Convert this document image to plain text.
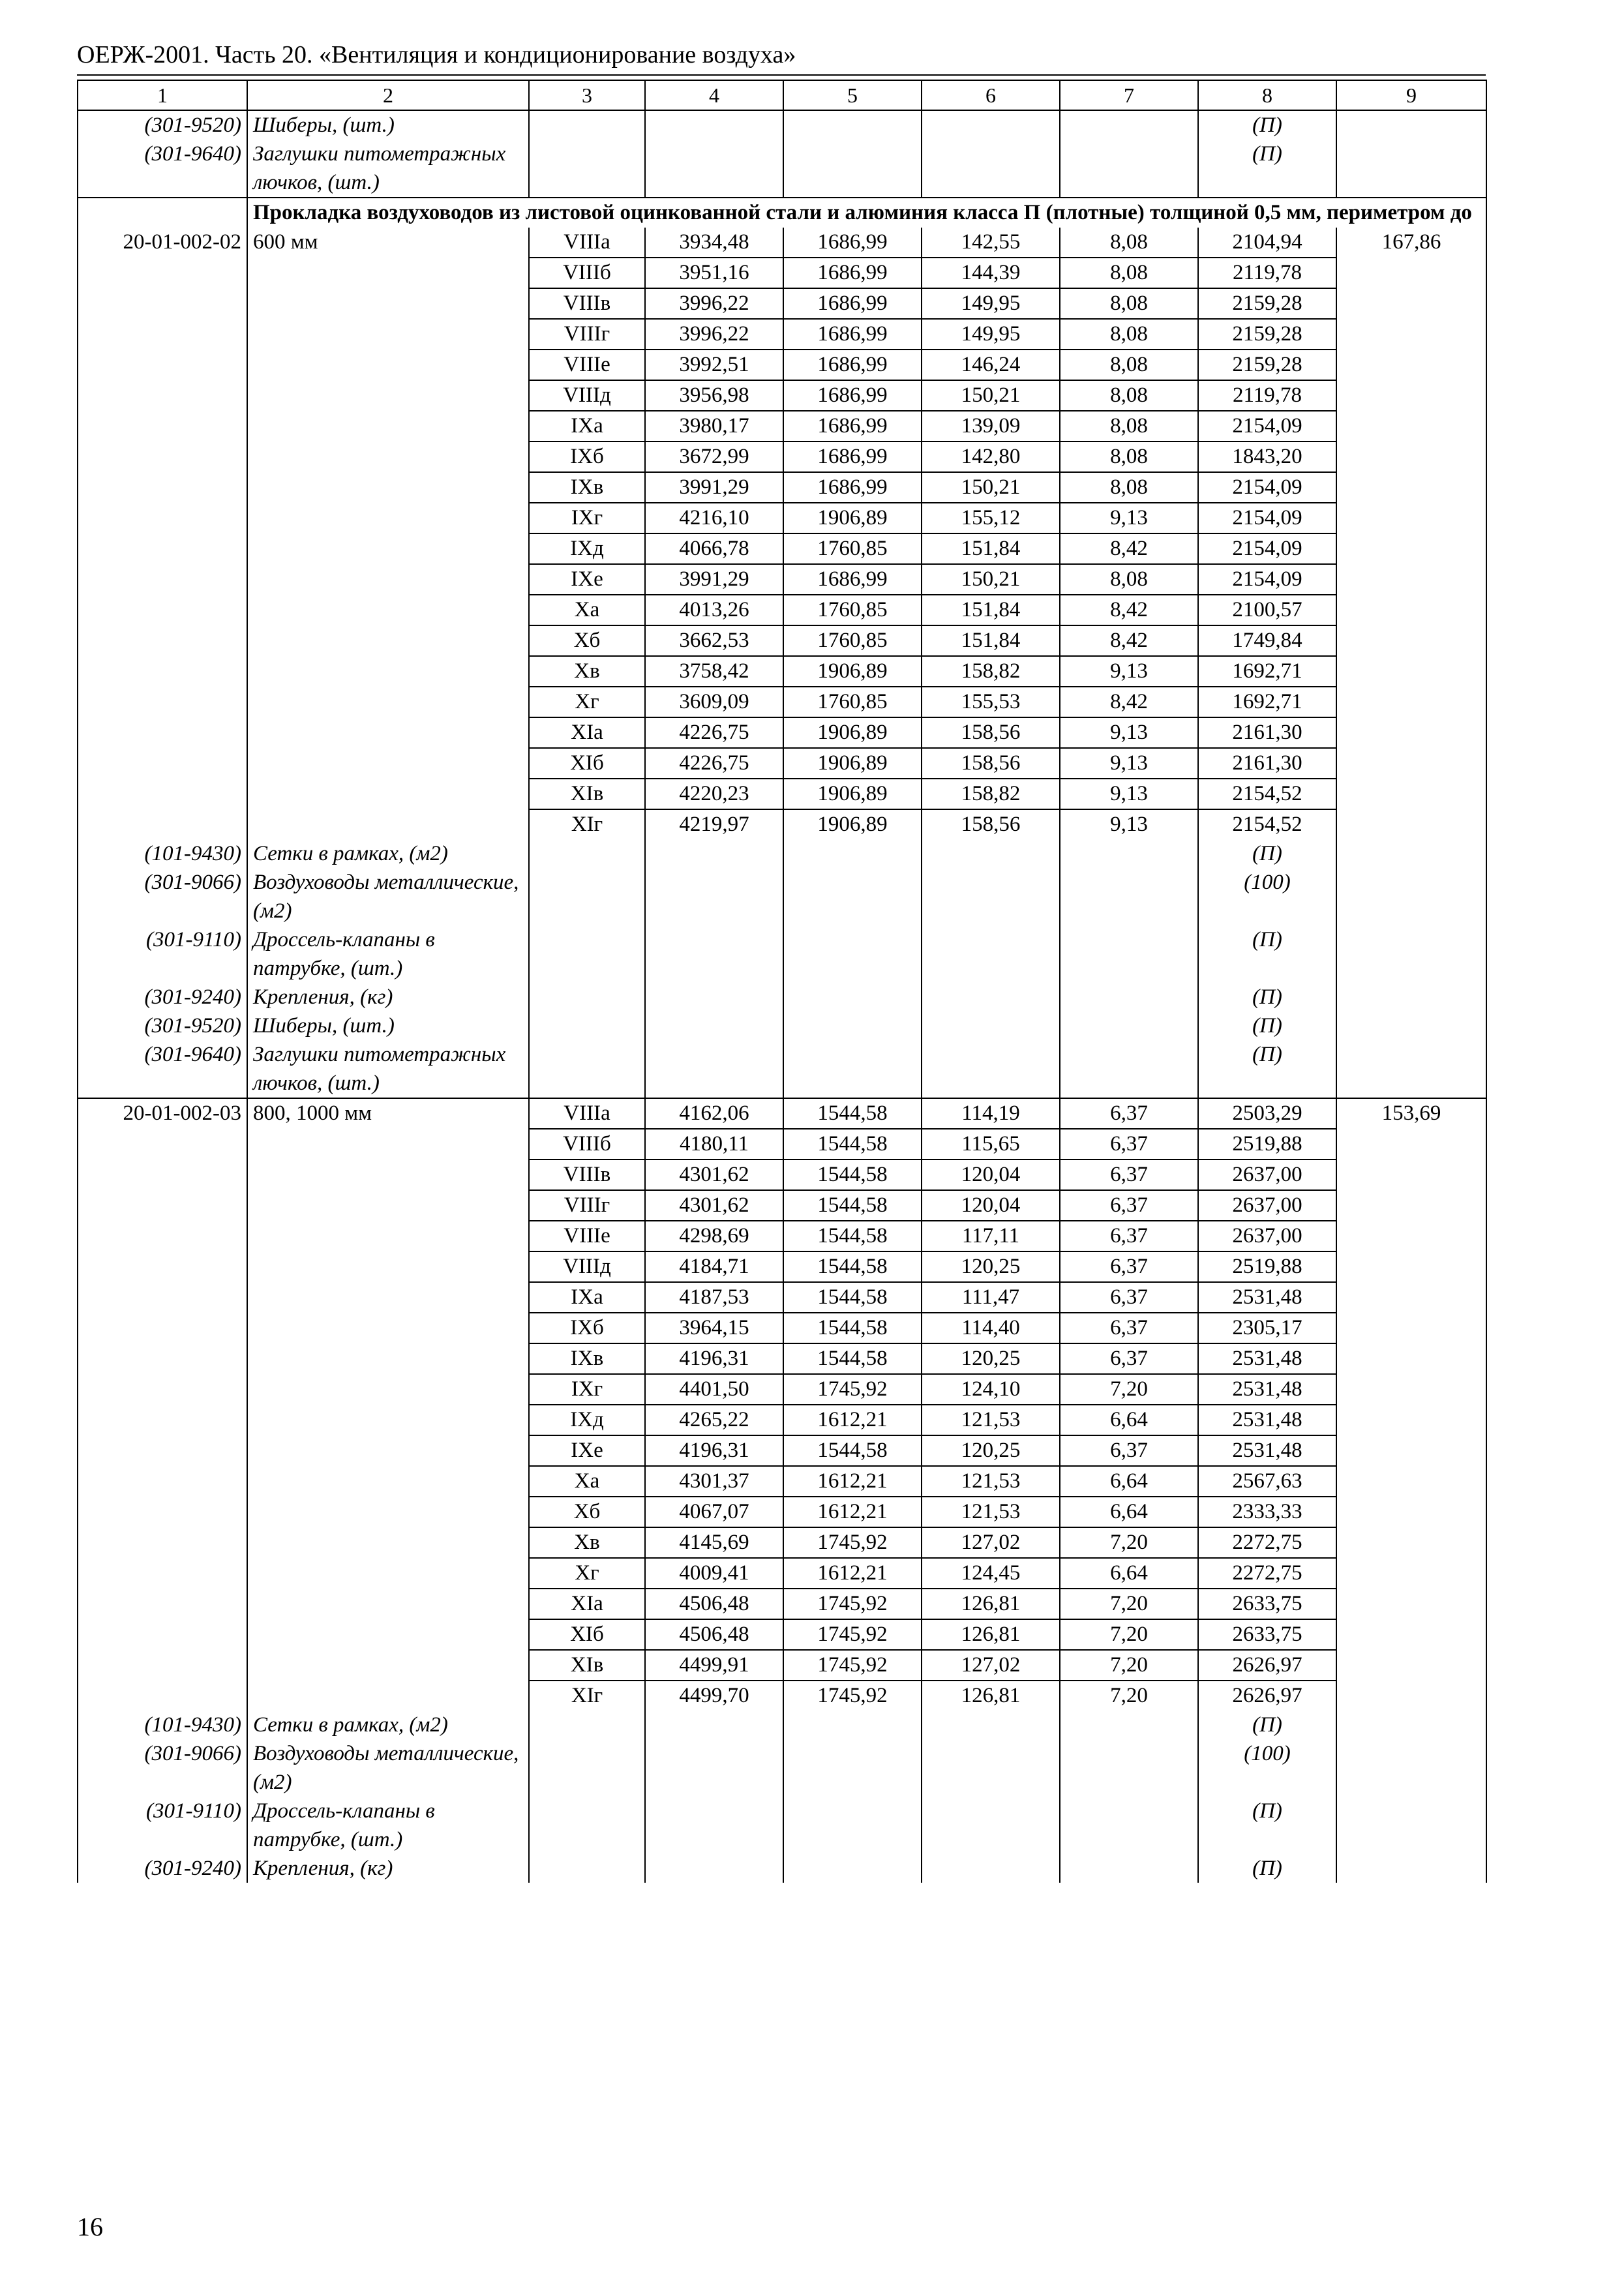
ОЕРЖ-2001. Часть 20. «Вентиляция и кондиционирование воздуха»
1	2	3	4	5	6	7	8	9
(301-9520)	Шиберы, (шт.)						(П)	
(301-9640)	Заглушки питометражных лючков, (шт.)						(П)	
	Прокладка воздуховодов из листовой оцинкованной стали и алюминия класса П (плотные) толщиной 0,5 мм, периметром до							
20-01-002-02	600 мм	VIIIа	3934,48	1686,99	142,55	8,08	2104,94	167,86
		VIIIб	3951,16	1686,99	144,39	8,08	2119,78	
		VIIIв	3996,22	1686,99	149,95	8,08	2159,28	
		VIIIг	3996,22	1686,99	149,95	8,08	2159,28	
		VIIIе	3992,51	1686,99	146,24	8,08	2159,28	
		VIIIд	3956,98	1686,99	150,21	8,08	2119,78	
		IXа	3980,17	1686,99	139,09	8,08	2154,09	
		IXб	3672,99	1686,99	142,80	8,08	1843,20	
		IXв	3991,29	1686,99	150,21	8,08	2154,09	
		IXг	4216,10	1906,89	155,12	9,13	2154,09	
		IXд	4066,78	1760,85	151,84	8,42	2154,09	
		IXе	3991,29	1686,99	150,21	8,08	2154,09	
		Xа	4013,26	1760,85	151,84	8,42	2100,57	
		Xб	3662,53	1760,85	151,84	8,42	1749,84	
		Xв	3758,42	1906,89	158,82	9,13	1692,71	
		Xг	3609,09	1760,85	155,53	8,42	1692,71	
		XIа	4226,75	1906,89	158,56	9,13	2161,30	
		XIб	4226,75	1906,89	158,56	9,13	2161,30	
		XIв	4220,23	1906,89	158,82	9,13	2154,52	
		XIг	4219,97	1906,89	158,56	9,13	2154,52	
(101-9430)	Сетки в рамках, (м2)						(П)	
(301-9066)	Воздуховоды металлические, (м2)						(100)	
(301-9110)	Дроссель-клапаны в патрубке, (шт.)						(П)	
(301-9240)	Крепления, (кг)						(П)	
(301-9520)	Шиберы, (шт.)						(П)	
(301-9640)	Заглушки питометражных лючков, (шт.)						(П)	
20-01-002-03	800, 1000 мм	VIIIа	4162,06	1544,58	114,19	6,37	2503,29	153,69
		VIIIб	4180,11	1544,58	115,65	6,37	2519,88	
		VIIIв	4301,62	1544,58	120,04	6,37	2637,00	
		VIIIг	4301,62	1544,58	120,04	6,37	2637,00	
		VIIIе	4298,69	1544,58	117,11	6,37	2637,00	
		VIIIд	4184,71	1544,58	120,25	6,37	2519,88	
		IXа	4187,53	1544,58	111,47	6,37	2531,48	
		IXб	3964,15	1544,58	114,40	6,37	2305,17	
		IXв	4196,31	1544,58	120,25	6,37	2531,48	
		IXг	4401,50	1745,92	124,10	7,20	2531,48	
		IXд	4265,22	1612,21	121,53	6,64	2531,48	
		IXе	4196,31	1544,58	120,25	6,37	2531,48	
		Xа	4301,37	1612,21	121,53	6,64	2567,63	
		Xб	4067,07	1612,21	121,53	6,64	2333,33	
		Xв	4145,69	1745,92	127,02	7,20	2272,75	
		Xг	4009,41	1612,21	124,45	6,64	2272,75	
		XIа	4506,48	1745,92	126,81	7,20	2633,75	
		XIб	4506,48	1745,92	126,81	7,20	2633,75	
		XIв	4499,91	1745,92	127,02	7,20	2626,97	
		XIг	4499,70	1745,92	126,81	7,20	2626,97	
(101-9430)	Сетки в рамках, (м2)						(П)	
(301-9066)	Воздуховоды металлические, (м2)						(100)	
(301-9110)	Дроссель-клапаны в патрубке, (шт.)						(П)	
(301-9240)	Крепления, (кг)						(П)	
16
